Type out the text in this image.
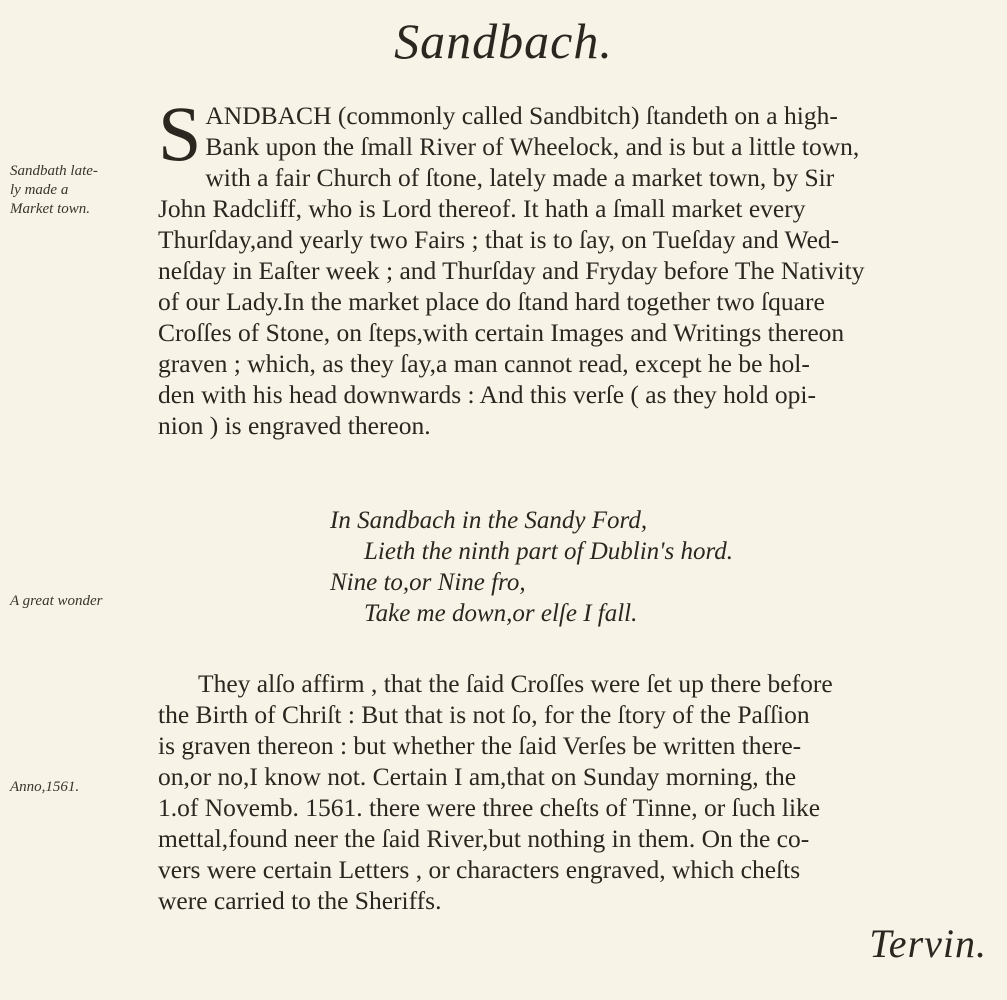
Sandbach.
Sandbath late-
ly made a
Market town.
A great wonder
Anno,1561.
S ANDBACH (commonly called Sandbitch) ſtandeth on a high-
Bank upon the ſmall River of Wheelock, and is but a little town,
with a fair Church of ſtone, lately made a market town, by Sir
John Radcliff, who is Lord thereof. It hath a ſmall market every
Thurſday,and yearly two Fairs ; that is to ſay, on Tueſday and Wed-
neſday in Eaſter week ; and Thurſday and Fryday before The Nativity
of our Lady.In the market place do ſtand hard together two ſquare
Croſſes of Stone, on ſteps,with certain Images and Writings thereon
graven ; which, as they ſay,a man cannot read, except he be hol-
den with his head downwards : And this verſe ( as they hold opi-
nion ) is engraved thereon.
In Sandbach in the Sandy Ford,
Lieth the ninth part of Dublin's hord.
Nine to,or Nine fro,
Take me down,or elſe I fall.
They alſo affirm , that the ſaid Croſſes were ſet up there before
the Birth of Chriſt : But that is not ſo, for the ſtory of the Paſſion
is graven thereon : but whether the ſaid Verſes be written there-
on,or no,I know not. Certain I am,that on Sunday morning, the
1.of Novemb. 1561. there were three cheſts of Tinne, or ſuch like
mettal,found neer the ſaid River,but nothing in them. On the co-
vers were certain Letters , or characters engraved, which cheſts
were carried to the Sheriffs.
Tervin.
